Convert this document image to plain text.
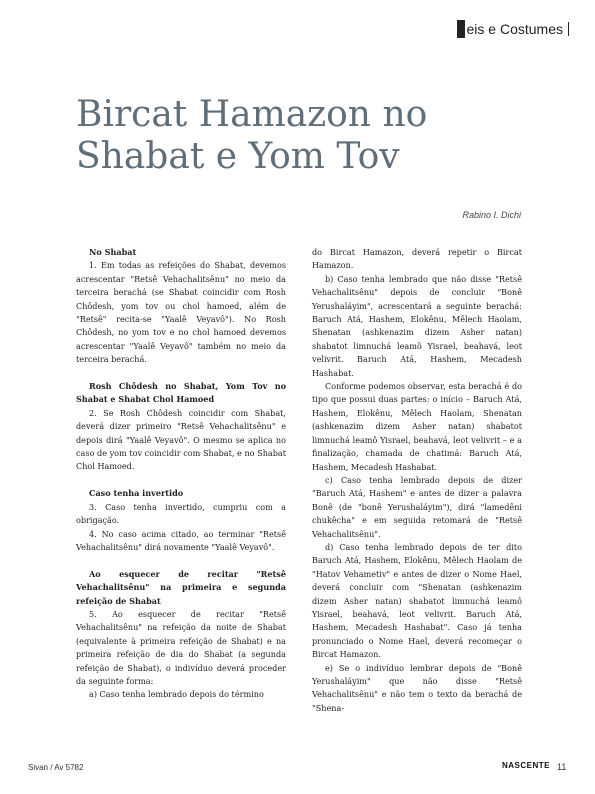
eis e Costumes
Bircat Hamazon no
Shabat e Yom Tov
Rabino I. Dichi

No Shabat

1. Em todas as refeições do Shabat, devemos acrescentar "Retsê Vehachalitsênu" no meio da terceira berachá (se Shabat coincidir com Rosh Chôdesh, yom tov ou chol hamoed, além de "Retsê" recita-se "Yaalê Veyavô"). No Rosh Chôdesh, no yom tov e no chol hamoed devemos acrescentar "Yaalê Veyavô" também no meio da terceira berachá.

Rosh Chôdesh no Shabat, Yom Tov no Shabat e Shabat Chol Hamoed

2. Se Rosh Chôdesh coincidir com Shabat, deverá dizer primeiro "Retsê Vehachalitsênu" e depois dirá "Yaalê Veyavô". O mesmo se aplica no caso de yom tov coincidir com Shabat, e no Shabat Chol Hamoed.

Caso tenha invertido

3. Caso tenha invertido, cumpriu com a obrigação.

4. No caso acima citado, ao terminar "Retsê Vehachalitsênu" dirá novamente "Yaalê Veyavô".

Ao esquecer de recitar "Retsê Vehachalitsênu" na primeira e segunda refeição de Shabat

5. Ao esquecer de recitar "Retsê Vehachalitsênu" na refeição da noite de Shabat (equivalente à primeira refeição de Shabat) e na primeira refeição de dia do Shabat (a segunda refeição de Shabat), o indivíduo deverá proceder da seguinte forma:

a) Caso tenha lembrado depois do término

do Bircat Hamazon, deverá repetir o Bircat Hamazon.

b) Caso tenha lembrado que não disse "Retsê Vehachalitsênu" depois de concluir "Bonê Yerushaláyim", acrescentará a seguinte berachá: Baruch Atá, Hashem, Elokênu, Mêlech Haolam, Shenatan (ashkenazim dizem Asher natan) shabatot limnuchá leamô Yisrael, beahavá, leot velivrit. Baruch Atá, Hashem, Mecadesh Hashabat.

Conforme podemos observar, esta berachá é do tipo que possui duas partes: o início – Baruch Atá, Hashem, Elokênu, Mêlech Haolam, Shenatan (ashkenazim dizem Asher natan) shabatot limnuchá leamô Yisrael, beahavá, leot velivrit – e a finalização, chamada de chatimá: Baruch Atá, Hashem, Mecadesh Hashabat.

c) Caso tenha lembrado depois de dizer "Baruch Atá, Hashem" e antes de dizer a palavra Bonê (de "bonê Yerushaláyim"), dirá "lamedêni chukêcha" e em seguida retomará de "Retsê Vehachalitsênu".

d) Caso tenha lembrado depois de ter dito Baruch Atá, Hashem, Elokênu, Mêlech Haolam de "Hatov Vehametiv" e antes de dizer o Nome Hael, deverá concluir com "Shenatan (ashkenazim dizem Asher natan) shabatot limnuchá leamô Yisrael, beahavá, leot velivrit. Baruch Atá, Hashem, Mecadesh Hashabat". Caso já tenha pronunciado o Nome Hael, deverá recomeçar o Bircat Hamazon.

e) Se o indivíduo lembrar depois de "Bonê Yerushaláyim" que não disse "Retsê Vehachalitsênu" e não tem o texto da berachá de "Shena-

Sivan / Av 5782	NASCENTE 11
